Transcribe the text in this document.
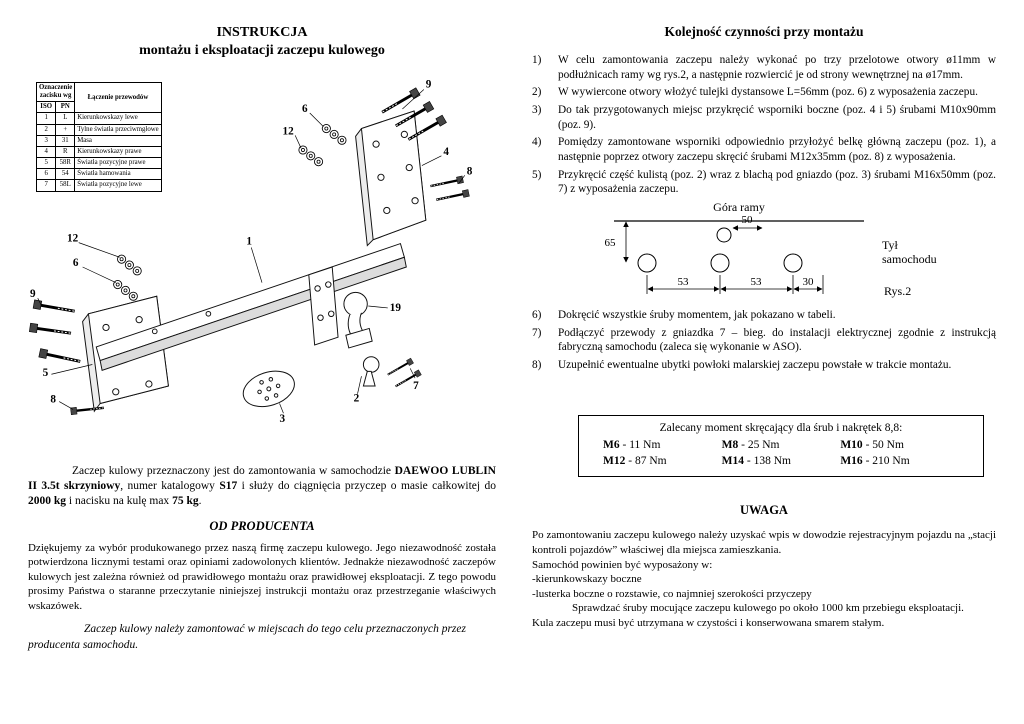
INSTRUKCJA
montażu i eksploatacji zaczepu kulowego
Oznaczenie
zacisku wg		Łączenie przewodów
ISO	PN	
1	L	Kierunkowskazy lewe
2	+	Tylne światła przeciwmgłowe
3	31	Masa
4	R	Kierunkowskazy prawe
5	58R	Światła pozycyjne prawe
6	54	Światła hamowania
7	58L	Światła pozycyjne lewe
9
6
12
4
8
12	1
6
9
5
8
19
7
2
3

Zaczep kulowy przeznaczony jest do zamontowania w samochodzie DAEWOO LUBLIN II 3.5t skrzyniowy, numer katalogowy S17 i służy do ciągnięcia przyczep o masie całkowitej do 2000 kg i nacisku na kulę max 75 kg.

OD PRODUCENTA

Dziękujemy za wybór produkowanego przez naszą firmę zaczepu kulowego. Jego niezawodność została potwierdzona licznymi testami oraz opiniami zadowolonych klientów. Jednakże niezawodność zaczepów kulowych jest zależna również od prawidłowego montażu oraz prawidłowej eksploatacji. Z tego powodu prosimy Państwa o staranne przeczytanie niniejszej instrukcji montażu oraz przestrzeganie właściwych wskazówek.

Zaczep kulowy należy zamontować w miejscach do tego celu przeznaczonych przez producenta samochodu.

Kolejność czynności przy montażu
1)	W celu zamontowania zaczepu należy wykonać po trzy przelotowe otwory ø11mm w podłużnicach ramy wg rys.2, a następnie rozwiercić je od strony wewnętrznej na ø17mm.
2)	W wywiercone otwory włożyć tulejki dystansowe L=56mm (poz. 6) z wyposażenia zaczepu.
3)	Do tak przygotowanych miejsc przykręcić wsporniki boczne (poz. 4 i 5) śrubami M10x90mm (poz. 9).
4)	Pomiędzy zamontowane wsporniki odpowiednio przyłożyć belkę główną zaczepu (poz. 1), a następnie poprzez otwory zaczepu skręcić śrubami M12x35mm (poz. 8) z wyposażenia.
5)	Przykręcić część kulistą (poz. 2) wraz z blachą pod gniazdo (poz. 3) śrubami M16x50mm (poz. 7) z wyposażenia zaczepu.
Góra ramy
65
50
53	53	30
Tył
samochodu
Rys.2
6)	Dokręcić wszystkie śruby momentem, jak pokazano w tabeli.
7)	Podłączyć przewody z gniazdka 7 – bieg. do instalacji elektrycznej zgodnie z instrukcją fabryczną samochodu (zaleca się wykonanie w ASO).
8)	Uzupełnić ewentualne ubytki powłoki malarskiej zaczepu powstałe w trakcie montażu.
Zalecany moment skręcający dla śrub i nakrętek 8,8:
M6 - 11 Nm	M8 - 25 Nm	M10 - 50 Nm
M12 - 87 Nm	M14 - 138 Nm	M16 - 210 Nm
UWAGA
Po zamontowaniu zaczepu kulowego należy uzyskać wpis w dowodzie rejestracyjnym pojazdu na „stacji kontroli pojazdów” właściwej dla miejsca zamieszkania.
Samochód powinien być wyposażony w:
-kierunkowskazy boczne
-lusterka boczne o rozstawie, co najmniej szerokości przyczepy
Sprawdzać śruby mocujące zaczepu kulowego po około 1000 km przebiegu eksploatacji.
Kula zaczepu musi być utrzymana w czystości i konserwowana smarem stałym.
